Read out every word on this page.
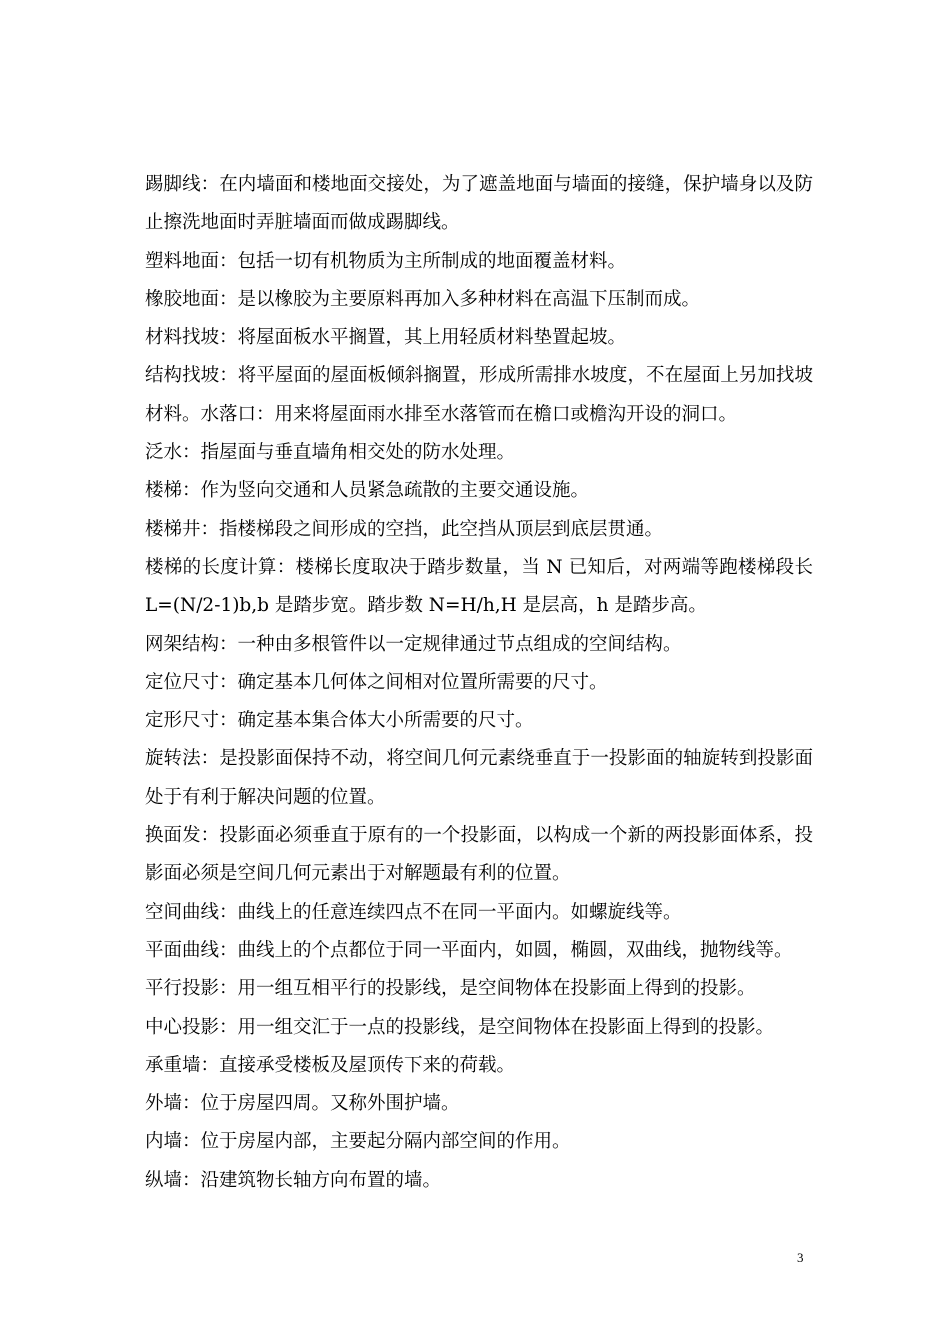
踢脚线：在内墙面和楼地面交接处，为了遮盖地面与墙面的接缝，保护墙身以及防止擦洗地面时弄脏墙面而做成踢脚线。

塑料地面：包括一切有机物质为主所制成的地面覆盖材料。

橡胶地面：是以橡胶为主要原料再加入多种材料在高温下压制而成。

材料找坡：将屋面板水平搁置，其上用轻质材料垫置起坡。

结构找坡：将平屋面的屋面板倾斜搁置，形成所需排水坡度，不在屋面上另加找坡材料。水落口：用来将屋面雨水排至水落管而在檐口或檐沟开设的洞口。

泛水：指屋面与垂直墙角相交处的防水处理。

楼梯：作为竖向交通和人员紧急疏散的主要交通设施。

楼梯井：指楼梯段之间形成的空挡，此空挡从顶层到底层贯通。

楼梯的长度计算：楼梯长度取决于踏步数量，当 N 已知后，对两端等跑楼梯段长 L=(N/2-1)b,b 是踏步宽。踏步数 N=H/h,H 是层高，h 是踏步高。

网架结构：一种由多根管件以一定规律通过节点组成的空间结构。

定位尺寸：确定基本几何体之间相对位置所需要的尺寸。

定形尺寸：确定基本集合体大小所需要的尺寸。

旋转法：是投影面保持不动，将空间几何元素绕垂直于一投影面的轴旋转到投影面处于有利于解决问题的位置。

换面发：投影面必须垂直于原有的一个投影面，以构成一个新的两投影面体系，投影面必须是空间几何元素出于对解题最有利的位置。

空间曲线：曲线上的任意连续四点不在同一平面内。如螺旋线等。

平面曲线：曲线上的个点都位于同一平面内，如圆，椭圆，双曲线，抛物线等。

平行投影：用一组互相平行的投影线，是空间物体在投影面上得到的投影。

中心投影：用一组交汇于一点的投影线，是空间物体在投影面上得到的投影。

承重墙：直接承受楼板及屋顶传下来的荷载。

外墙：位于房屋四周。又称外围护墙。

内墙：位于房屋内部，主要起分隔内部空间的作用。

纵墙：沿建筑物长轴方向布置的墙。

3
